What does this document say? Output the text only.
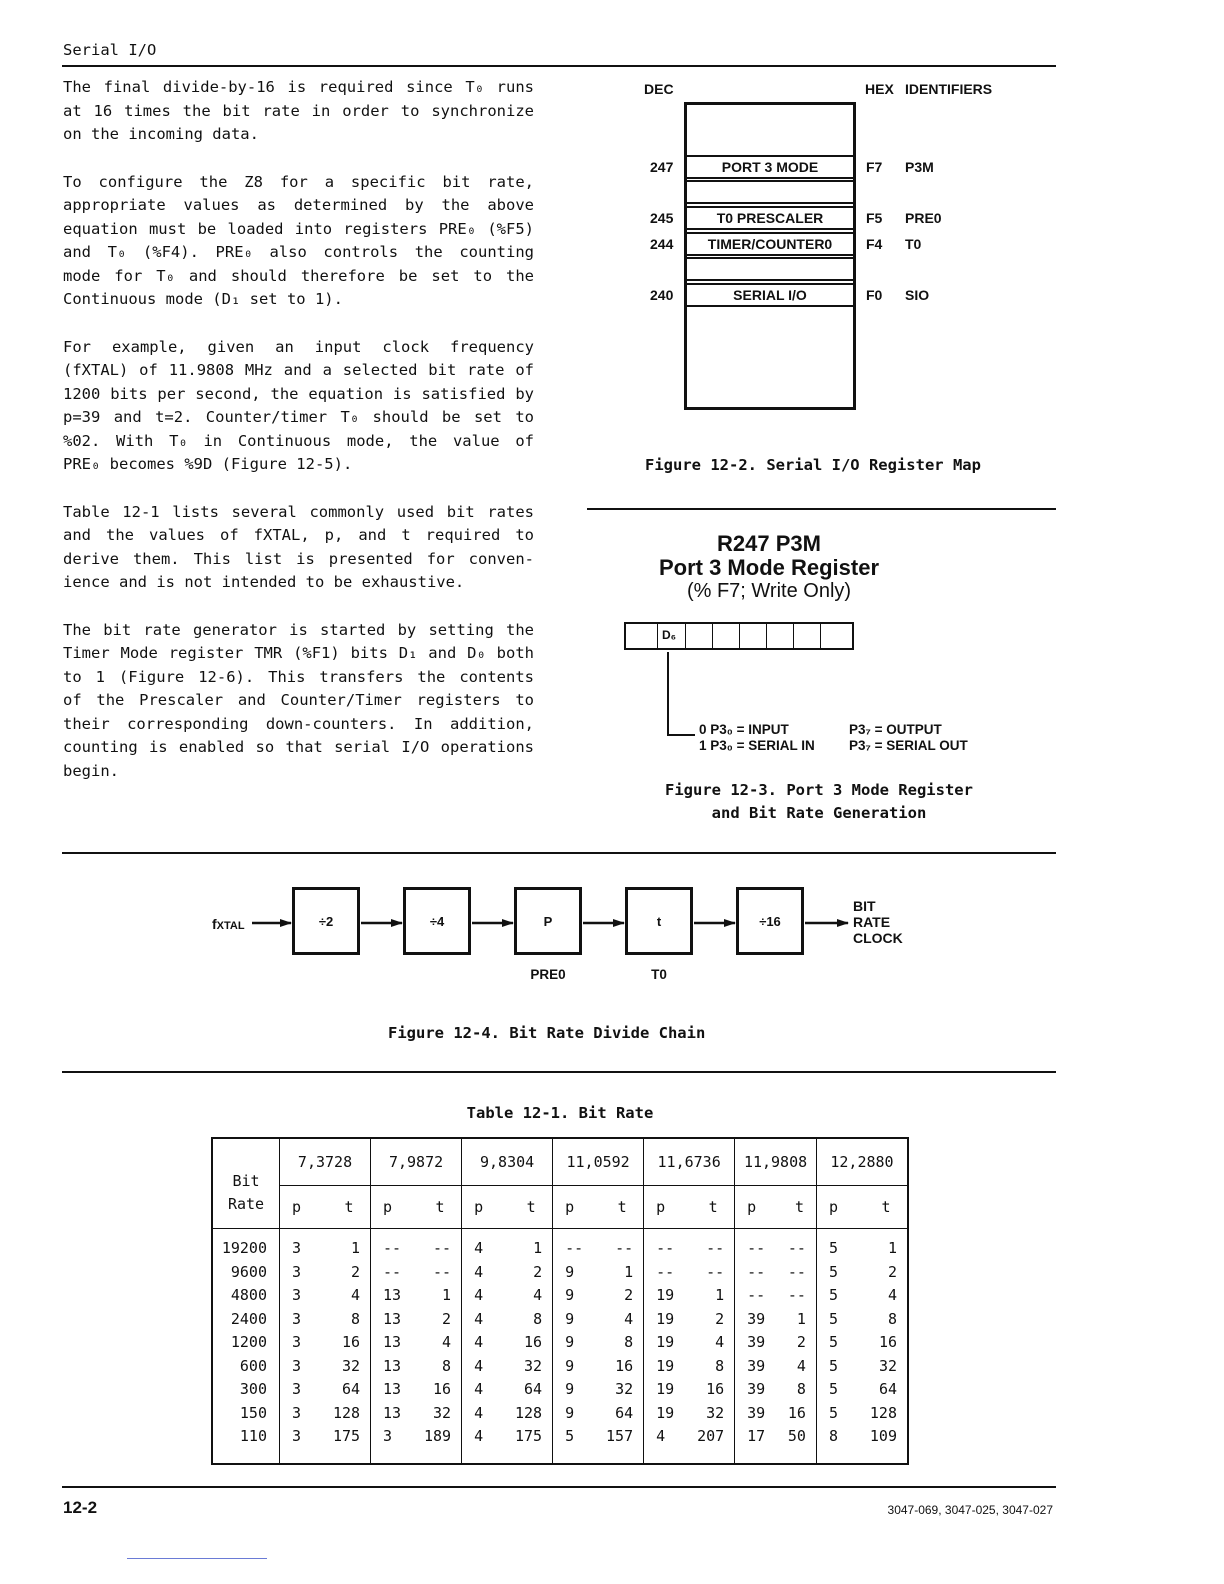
Serial I/O

The final divide-by-16 is required since T₀ runs
at 16 times the bit rate in order to synchronize
on the incoming data.

To configure the Z8 for a specific bit rate,
appropriate values as determined by the above
equation must be loaded into registers PRE₀ (%F5)
and T₀ (%F4). PRE₀ also controls the counting
mode for T₀ and should therefore be set to the
Continuous mode (D₁ set to 1).

For example, given an input clock frequency
(fXTAL) of 11.9808 MHz and a selected bit rate of
1200 bits per second, the equation is satisfied by
p=39 and t=2. Counter/timer T₀ should be set to
%02. With T₀ in Continuous mode, the value of
PRE₀ becomes %9D (Figure 12-5).

Table 12-1 lists several commonly used bit rates
and the values of fXTAL, p, and t required to
derive them. This list is presented for conven-
ience and is not intended to be exhaustive.

The bit rate generator is started by setting the
Timer Mode register TMR (%F1) bits D₁ and D₀ both
to 1 (Figure 12-6). This transfers the contents
of the Prescaler and Counter/Timer registers to
their corresponding down-counters. In addition,
counting is enabled so that serial I/O operations
begin.

DEC	HEX IDENTIFIERS
247	PORT 3 MODE	F7 P3M
245	T0 PRESCALER	F5 PRE0
244	TIMER/COUNTER0	F4 T0
240	SERIAL I/O	F0 SIO
Figure 12-2. Serial I/O Register Map
R247 P3M
Port 3 Mode Register
(% F7; Write Only)
D₆
0 P3₀ = INPUT	P3₇ = OUTPUT
1 P3₀ = SERIAL IN	P3₇ = SERIAL OUT
Figure 12-3. Port 3 Mode Register
and Bit Rate Generation
fXTAL	÷2	÷4	P	t	÷16
PRE0	T0
BIT
RATE
CLOCK
Figure 12-4. Bit Rate Divide Chain
Table 12-1. Bit Rate
Bit
Rate	7,3728		7,9872		9,8304		11,0592		11,6736		11,9808		12,2880	
	p	t	p	t	p	t	p	t	p	t	p	t	p	t

19200	3	1	--	--	4	1	--	--	--	--	--	--	5	1
9600	3	2	--	--	4	2	9	1	--	--	--	--	5	2
4800	3	4	13	1	4	4	9	2	19	1	--	--	5	4
2400	3	8	13	2	4	8	9	4	19	2	39	1	5	8
1200	3	16	13	4	4	16	9	8	19	4	39	2	5	16
600	3	32	13	8	4	32	9	16	19	8	39	4	5	32
300	3	64	13	16	4	64	9	32	19	16	39	8	5	64
150	3	128	13	32	4	128	9	64	19	32	39	16	5	128
110	3	175	3	189	4	175	5	157	4	207	17	50	8	109

12-2	3047-069, 3047-025, 3047-027
